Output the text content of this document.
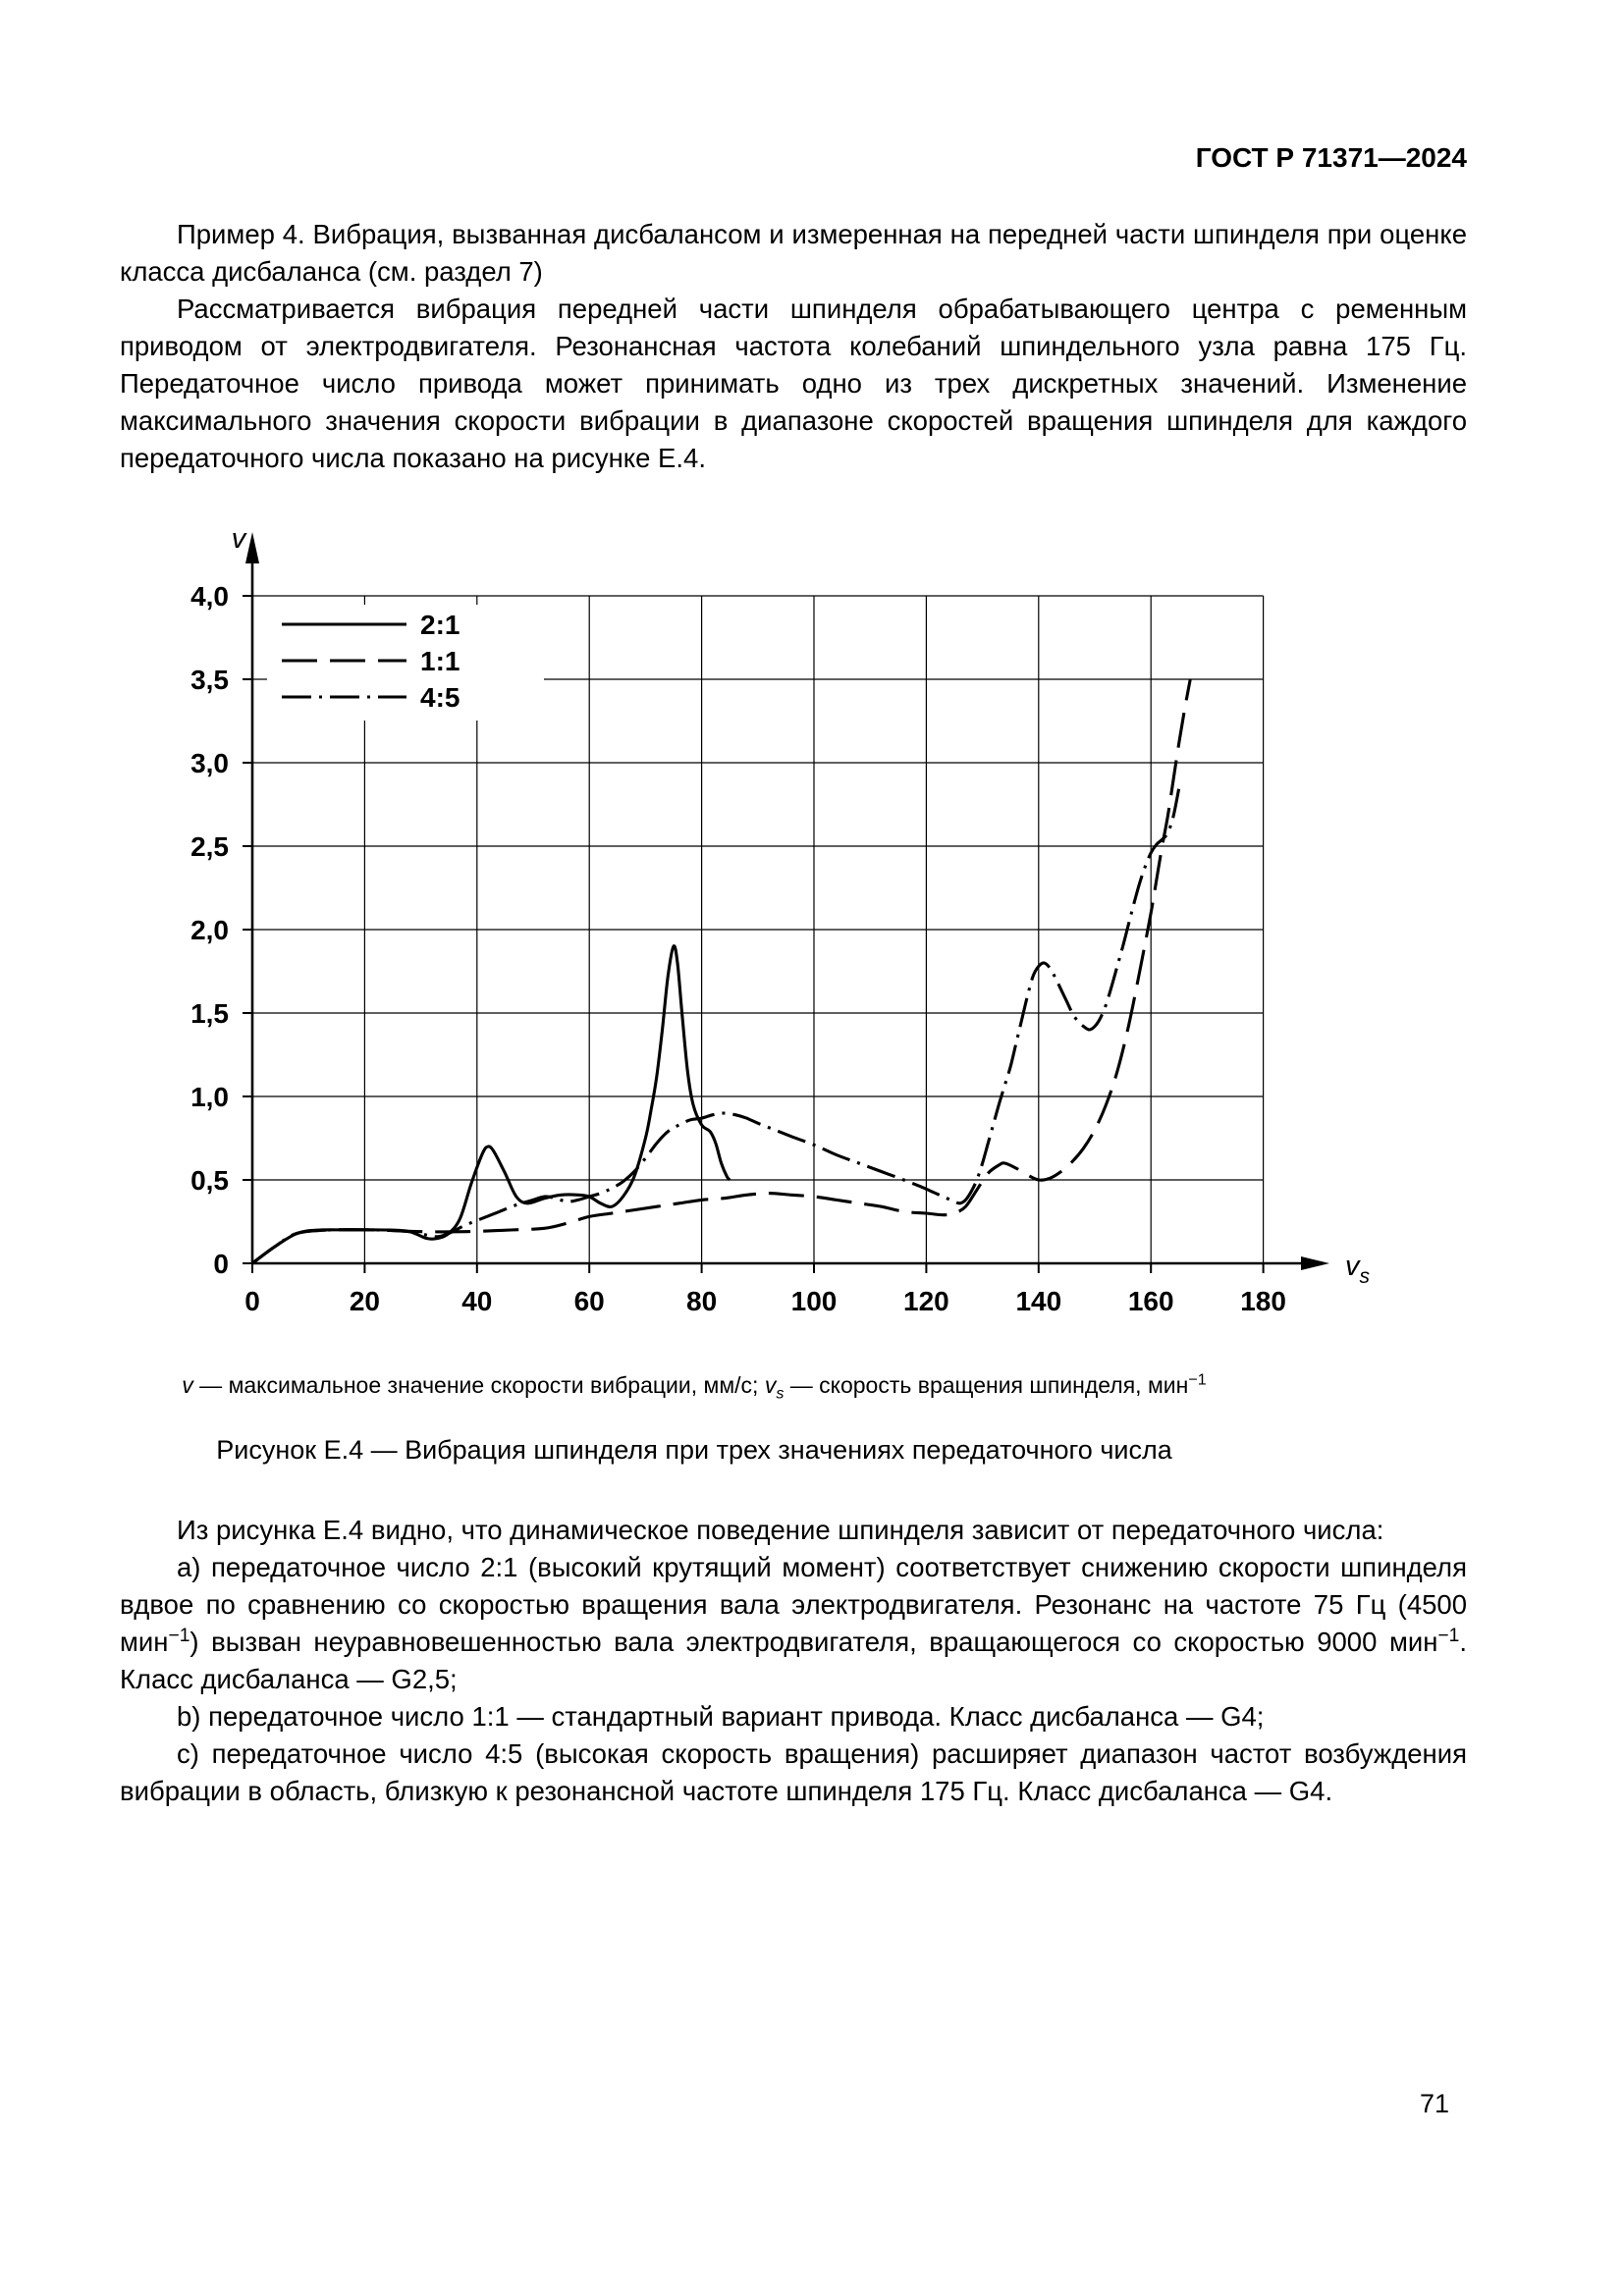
ГОСТ Р 71371—2024

Пример 4. Вибрация, вызванная дисбалансом и измеренная на передней части шпинделя при оценке класса дисбаланса (см. раздел 7)

Рассматривается вибрация передней части шпинделя обрабатывающего центра с ременным приводом от электродвигателя. Резонансная частота колебаний шпиндельного узла равна 175 Гц. Передаточное число привода может принимать одно из трех дискретных значений. Изменение максимального значения скорости вибрации в диапазоне скоростей вращения шпинделя для каждого передаточного числа показано на рисунке Е.4.

0	20	40	60	80	100 120 140 160 180
0
0,5
1,0
1,5
2,0
2,5
3,0
3,5
4,0
v
$v_s$
2:1
1:1
4:5
v — максимальное значение скорости вибрации, мм/с; $v_s$ — скорость вращения шпинделя, мин$^{-1}$
Рисунок Е.4 — Вибрация шпинделя при трех значениях передаточного числа

Из рисунка Е.4 видно, что динамическое поведение шпинделя зависит от передаточного числа:

a) передаточное число 2:1 (высокий крутящий момент) соответствует снижению скорости шпинделя вдвое по сравнению со скоростью вращения вала электродвигателя. Резонанс на частоте 75 Гц (4500 мин$^{-1}$) вызван неуравновешенностью вала электродвигателя, вращающегося со скоростью 9000 мин$^{-1}$. Класс дисбаланса — G2,5;

b) передаточное число 1:1 — стандартный вариант привода. Класс дисбаланса — G4;

c) передаточное число 4:5 (высокая скорость вращения) расширяет диапазон частот возбуждения вибрации в область, близкую к резонансной частоте шпинделя 175 Гц. Класс дисбаланса — G4.

71
